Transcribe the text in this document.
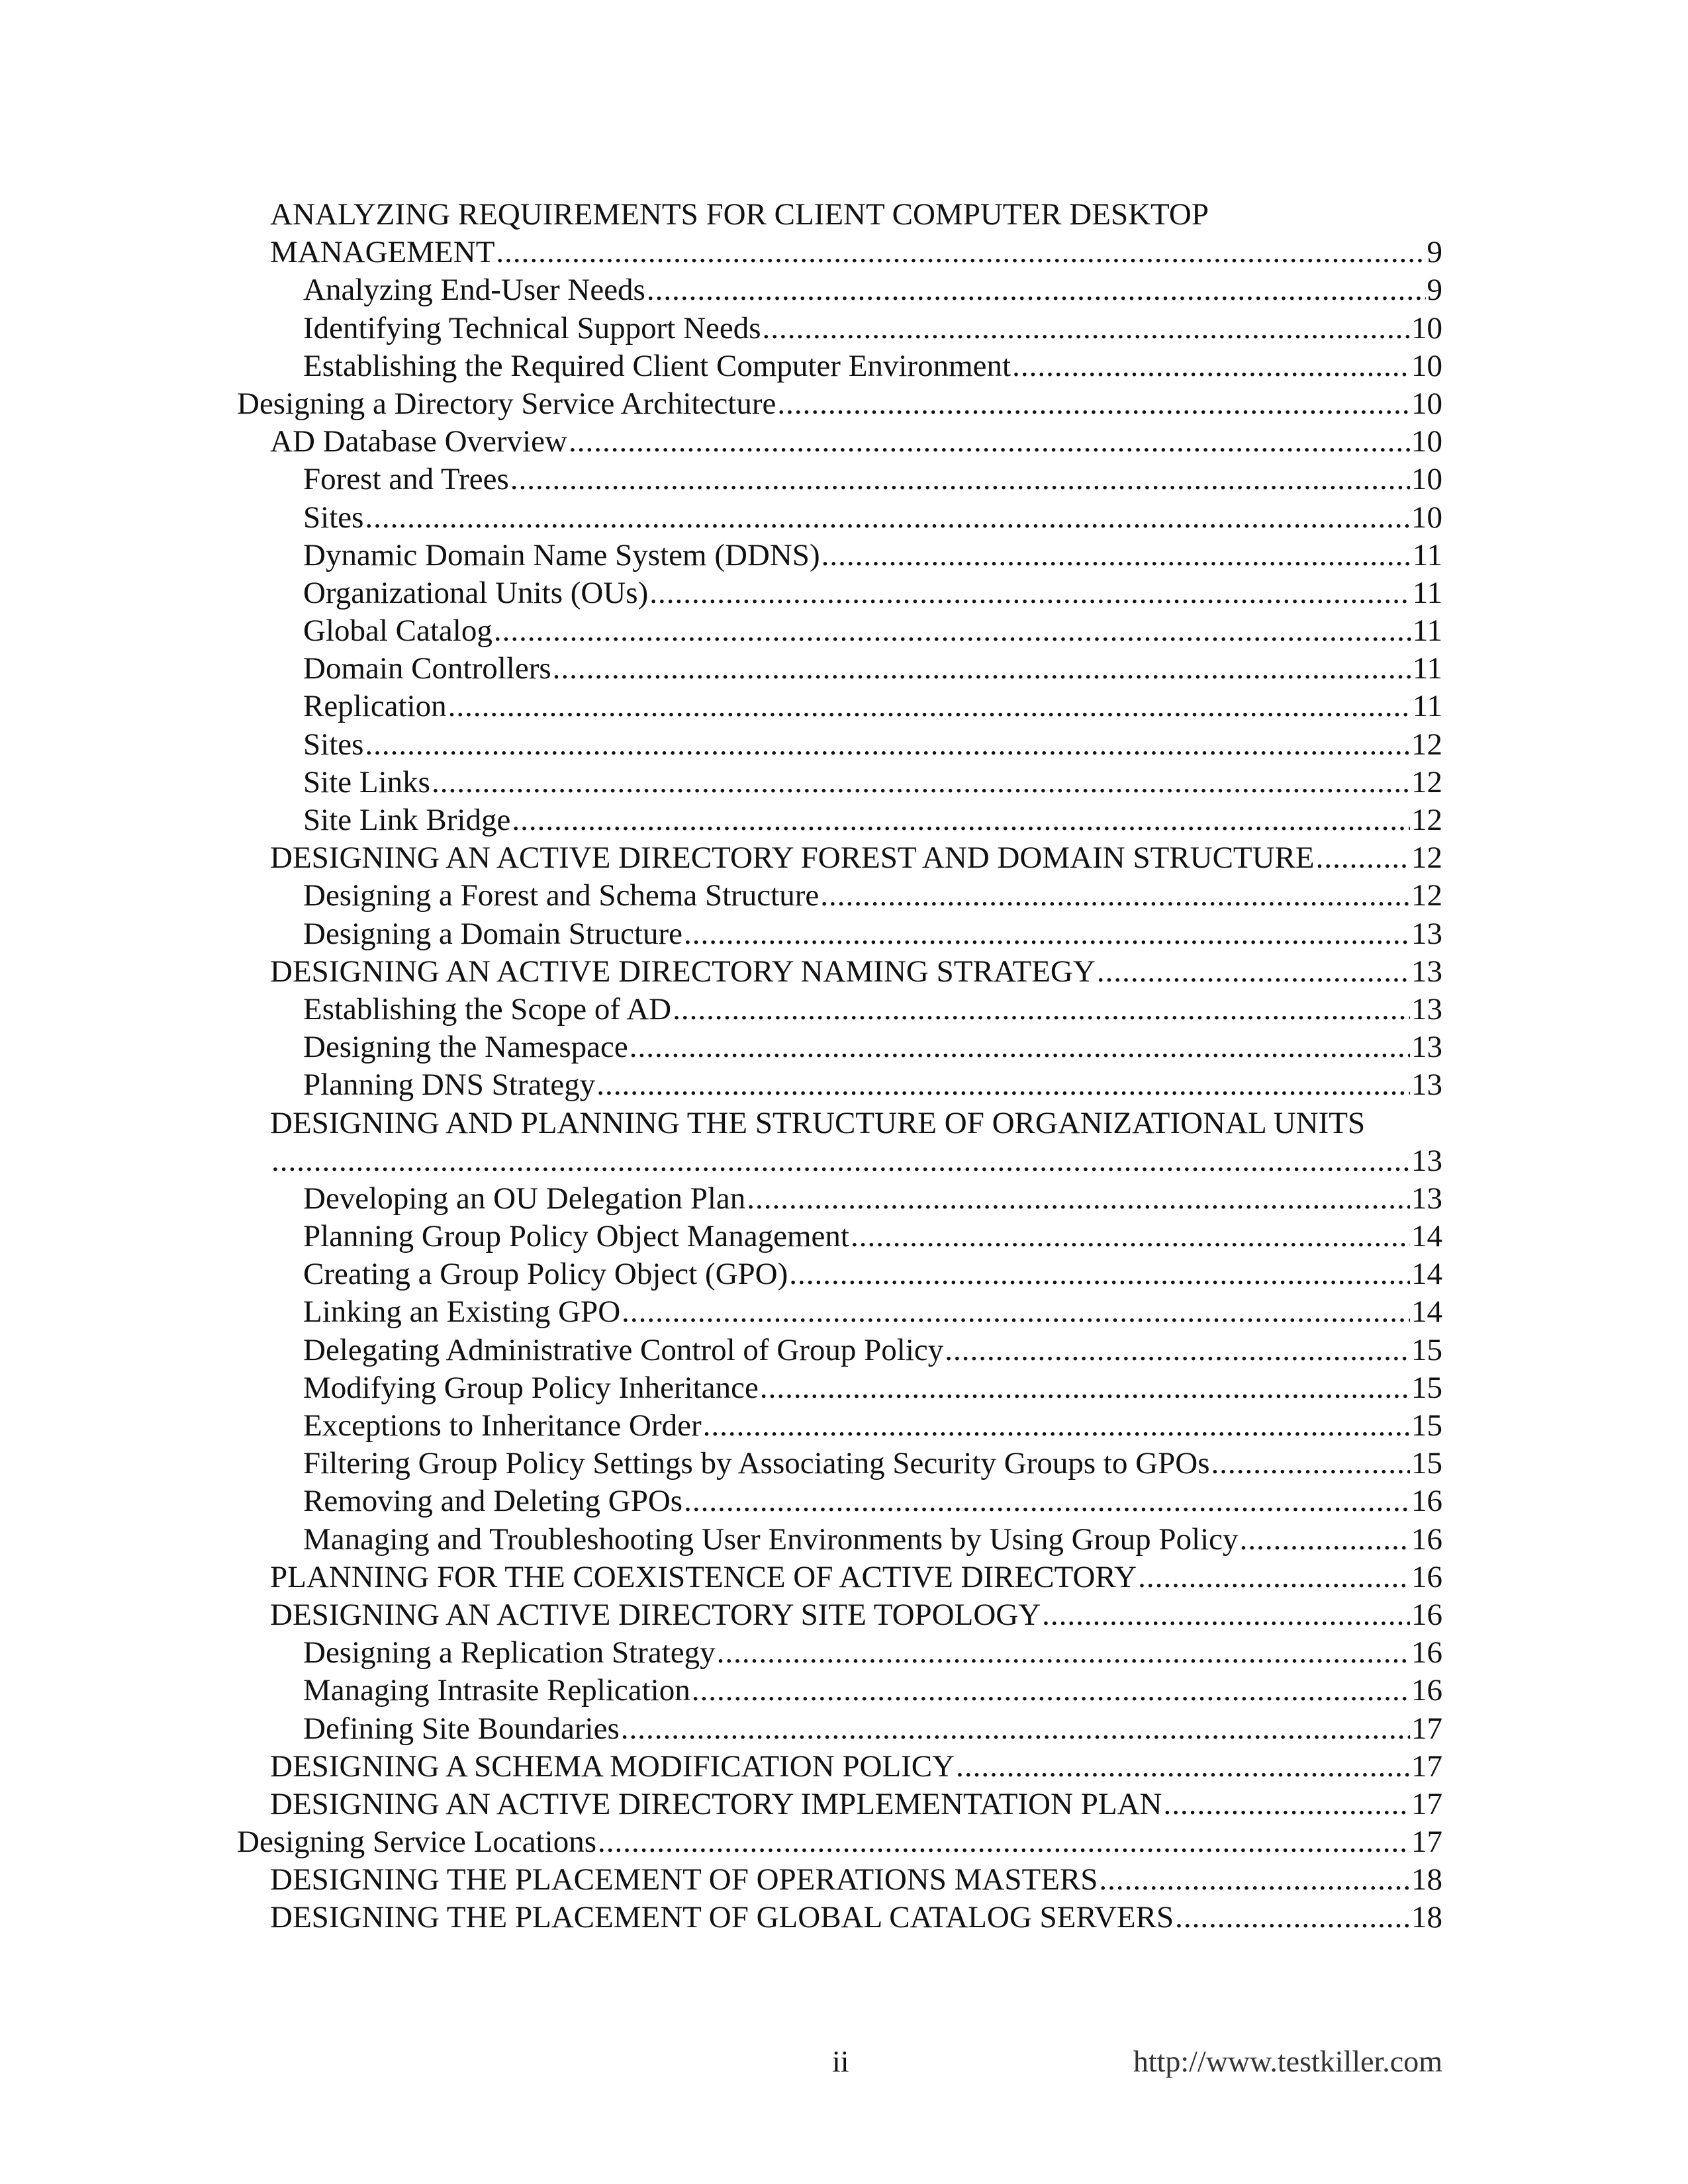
ANALYZING REQUIREMENTS FOR CLIENT COMPUTER DESKTOP
MANAGEMENT .....	9
Analyzing End-User Needs .....	9
Identifying Technical Support Needs .....	10
Establishing the Required Client Computer Environment .....	10
Designing a Directory Service Architecture .....	10
AD Database Overview .....	10
Forest and Trees .....	10
Sites .....	10
Dynamic Domain Name System (DDNS) .....	11
Organizational Units (OUs) .....	11
Global Catalog .....	11
Domain Controllers .....	11
Replication .....	11
Sites .....	12
Site Links .....	12
Site Link Bridge .....	12
DESIGNING AN ACTIVE DIRECTORY FOREST AND DOMAIN STRUCTURE .....	12
Designing a Forest and Schema Structure .....	12
Designing a Domain Structure .....	13
DESIGNING AN ACTIVE DIRECTORY NAMING STRATEGY .....	13
Establishing the Scope of AD .....	13
Designing the Namespace .....	13
Planning DNS Strategy .....	13
DESIGNING AND PLANNING THE STRUCTURE OF ORGANIZATIONAL UNITS
.....
13
Developing an OU Delegation Plan .....	13
Planning Group Policy Object Management .....	14
Creating a Group Policy Object (GPO) .....	14
Linking an Existing GPO .....	14
Delegating Administrative Control of Group Policy .....	15
Modifying Group Policy Inheritance .....	15
Exceptions to Inheritance Order .....	15
Filtering Group Policy Settings by Associating Security Groups to GPOs .....	15
Removing and Deleting GPOs .....	16
Managing and Troubleshooting User Environments by Using Group Policy .....	16
PLANNING FOR THE COEXISTENCE OF ACTIVE DIRECTORY .....	16
DESIGNING AN ACTIVE DIRECTORY SITE TOPOLOGY .....	16
Designing a Replication Strategy .....	16
Managing Intrasite Replication .....	16
Defining Site Boundaries .....	17
DESIGNING A SCHEMA MODIFICATION POLICY .....	17
DESIGNING AN ACTIVE DIRECTORY IMPLEMENTATION PLAN .....	17
Designing Service Locations .....	17
DESIGNING THE PLACEMENT OF OPERATIONS MASTERS .....	18
DESIGNING THE PLACEMENT OF GLOBAL CATALOG SERVERS .....	18
ii	http://www.testkiller.com
